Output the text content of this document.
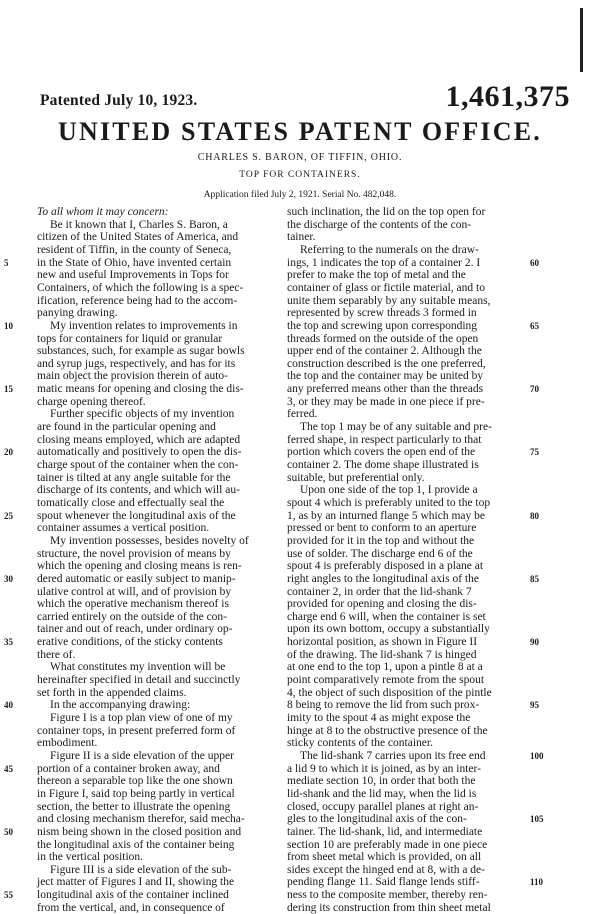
Patented July 10, 1923.	1,461,375
UNITED STATES PATENT OFFICE.
CHARLES S. BARON, OF TIFFIN, OHIO.
TOP FOR CONTAINERS.
Application filed July 2, 1921. Serial No. 482,048.
To all whom it may concern:
Be it known that I, Charles S. Baron, a
citizen of the United States of America, and
resident of Tiffin, in the county of Seneca,
in the State of Ohio, have invented certain
new and useful Improvements in Tops for
Containers, of which the following is a spec-
ification, reference being had to the accom-
panying drawing.
My invention relates to improvements in
tops for containers for liquid or granular
substances, such, for example as sugar bowls
and syrup jugs, respectively, and has for its
main object the provision therein of auto-
matic means for opening and closing the dis-
charge opening thereof.
Further specific objects of my invention
are found in the particular opening and
closing means employed, which are adapted
automatically and positively to open the dis-
charge spout of the container when the con-
tainer is tilted at any angle suitable for the
discharge of its contents, and which will au-
tomatically close and effectually seal the
spout whenever the longitudinal axis of the
container assumes a vertical position.
My invention possesses, besides novelty of
structure, the novel provision of means by
which the opening and closing means is ren-
dered automatic or easily subject to manip-
ulative control at will, and of provision by
which the operative mechanism thereof is
carried entirely on the outside of the con-
tainer and out of reach, under ordinary op-
erative conditions, of the sticky contents
there of.
What constitutes my invention will be
hereinafter specified in detail and succinctly
set forth in the appended claims.
In the accompanying drawing:
Figure I is a top plan view of one of my
container tops, in present preferred form of
embodiment.
Figure II is a side elevation of the upper
portion of a container broken away, and
thereon a separable top like the one shown
in Figure I, said top being partly in vertical
section, the better to illustrate the opening
and closing mechanism therefor, said mecha-
nism being shown in the closed position and
the longitudinal axis of the container being
in the vertical position.
Figure III is a side elevation of the sub-
ject matter of Figures I and II, showing the
longitudinal axis of the container inclined
from the vertical, and, in consequence of
such inclination, the lid on the top open for
the discharge of the contents of the con-
tainer.
Referring to the numerals on the draw-
ings, 1 indicates the top of a container 2. I
prefer to make the top of metal and the
container of glass or fictile material, and to
unite them separably by any suitable means,
represented by screw threads 3 formed in
the top and screwing upon corresponding
threads formed on the outside of the open
upper end of the container 2. Although the
construction described is the one preferred,
the top and the container may be united by
any preferred means other than the threads
3, or they may be made in one piece if pre-
ferred.
The top 1 may be of any suitable and pre-
ferred shape, in respect particularly to that
portion which covers the open end of the
container 2. The dome shape illustrated is
suitable, but preferential only.
Upon one side of the top 1, I provide a
spout 4 which is preferably united to the top
1, as by an inturned flange 5 which may be
pressed or bent to conform to an aperture
provided for it in the top and without the
use of solder. The discharge end 6 of the
spout 4 is preferably disposed in a plane at
right angles to the longitudinal axis of the
container 2, in order that the lid-shank 7
provided for opening and closing the dis-
charge end 6 will, when the container is set
upon its own bottom, occupy a substantially
horizontal position, as shown in Figure II
of the drawing. The lid-shank 7 is hinged
at one end to the top 1, upon a pintle 8 at a
point comparatively remote from the spout
4, the object of such disposition of the pintle
8 being to remove the lid from such prox-
imity to the spout 4 as might expose the
hinge at 8 to the obstructive presence of the
sticky contents of the container.
The lid-shank 7 carries upon its free end
a lid 9 to which it is joined, as by an inter-
mediate section 10, in order that both the
lid-shank and the lid may, when the lid is
closed, occupy parallel planes at right an-
gles to the longitudinal axis of the con-
tainer. The lid-shank, lid, and intermediate
section 10 are preferably made in one piece
from sheet metal which is provided, on all
sides except the hinged end at 8, with a de-
pending flange 11. Said flange lends stiff-
ness to the composite member, thereby ren-
dering its construction from thin sheet metal
5
10
15
20
25
30
35
40
45
50
55
60
65
70
75
80
85
90
95
100
105
110
